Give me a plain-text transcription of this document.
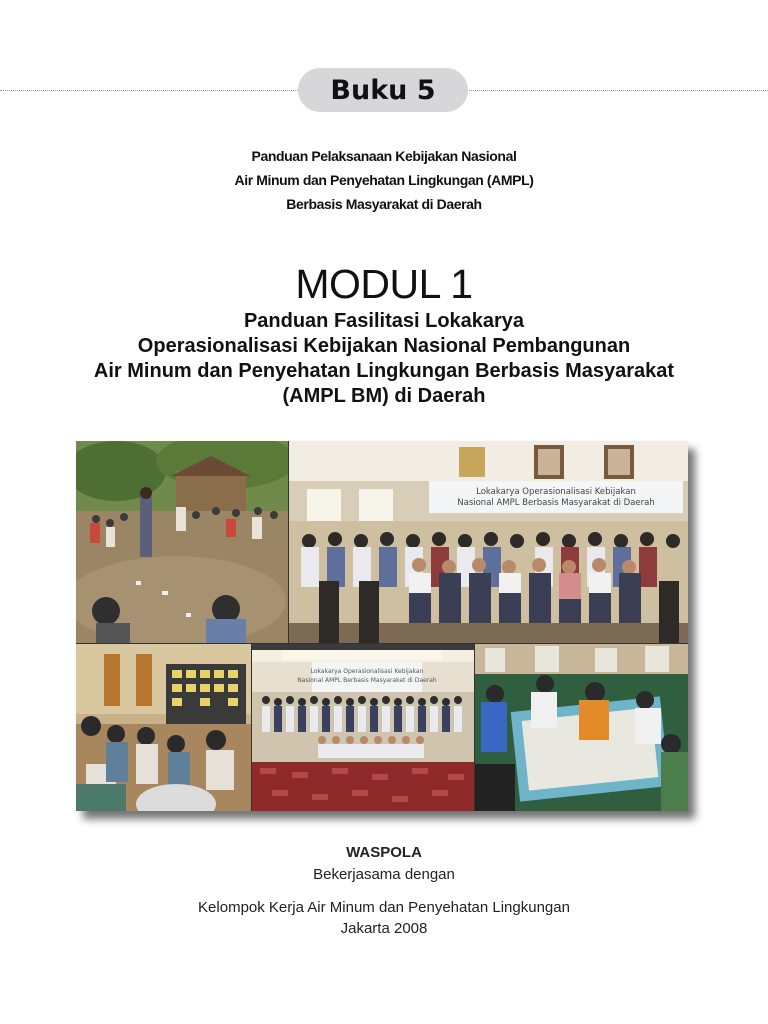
Buku 5
Panduan Pelaksanaan Kebijakan Nasional
Air Minum dan Penyehatan Lingkungan (AMPL)
Berbasis Masyarakat di Daerah
MODUL 1
Panduan Fasilitasi Lokakarya
Operasionalisasi Kebijakan Nasional Pembangunan
Air Minum dan Penyehatan Lingkungan Berbasis Masyarakat
(AMPL BM) di Daerah
Lokakarya Operasionalisasi Kebijakan
Nasional AMPL Berbasis Masyarakat di Daerah
Lokakarya Operasionalisasi Kebijakan
Nasional AMPL Berbasis Masyarakat di Daerah
WASPOLA
Bekerjasama dengan
Kelompok Kerja Air Minum dan Penyehatan Lingkungan
Jakarta 2008
